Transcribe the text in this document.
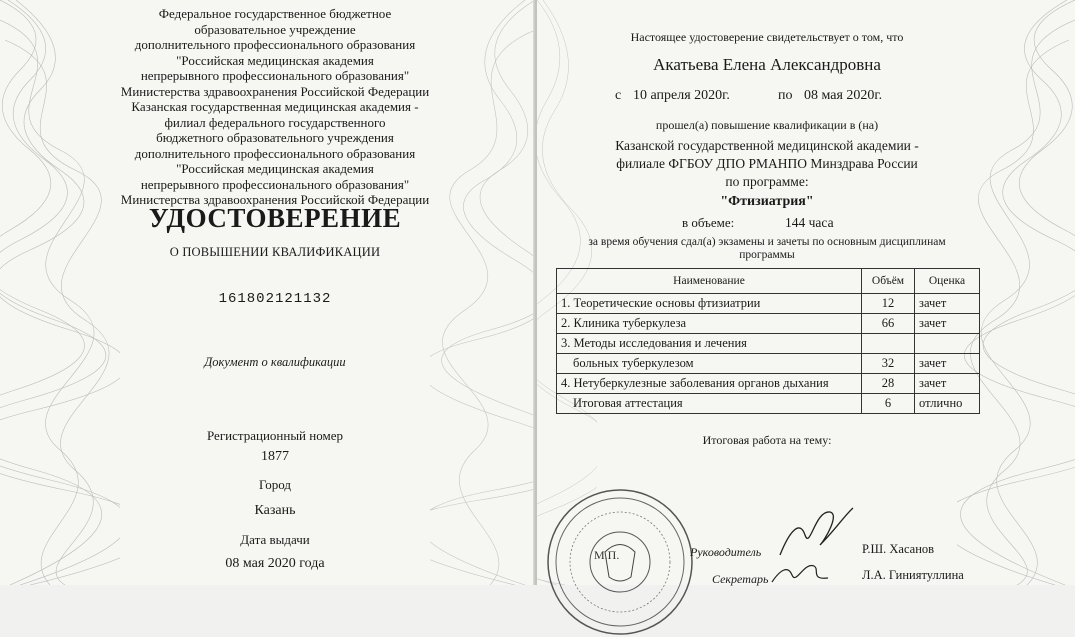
Федеральное государственное бюджетное
образовательное учреждение
дополнительного профессионального образования
"Российская медицинская академия
непрерывного профессионального образования"
Министерства здравоохранения Российской Федерации
Казанская государственная медицинская академия -
филиал федерального государственного
бюджетного образовательного учреждения
дополнительного профессионального образования
"Российская медицинская академия
непрерывного профессионального образования"
Министерства здравоохранения Российской Федерации
УДОСТОВЕРЕНИЕ
О ПОВЫШЕНИИ КВАЛИФИКАЦИИ
161802121132
Документ о квалификации
Регистрационный номер
1877
Город
Казань
Дата выдачи
08 мая 2020 года
Настоящее удостоверение свидетельствует о том, что
Акатьева Елена Александровна
с 10 апреля 2020г.	по 08 мая 2020г.
прошел(а) повышение квалификации в (на)
Казанской государственной медицинской академии -
филиале ФГБОУ ДПО РМАНПО Минздрава России
по программе:
"Фтизиатрия"
в объеме:	144 часа
за время обучения сдал(а) экзамены и зачеты по основным дисциплинам
программы
Наименование	Объём	Оценка
1. Теоретические основы фтизиатрии	12	зачет
2. Клиника туберкулеза	66	зачет
3. Методы исследования и лечения		
больных туберкулезом	32	зачет
4. Нетуберкулезные заболевания органов дыхания	28	зачет
Итоговая аттестация	6	отлично
Итоговая работа на тему:
М.П.	Руководитель	Р.Ш. Хасанов
Секретарь	Л.А. Гиниятуллина
